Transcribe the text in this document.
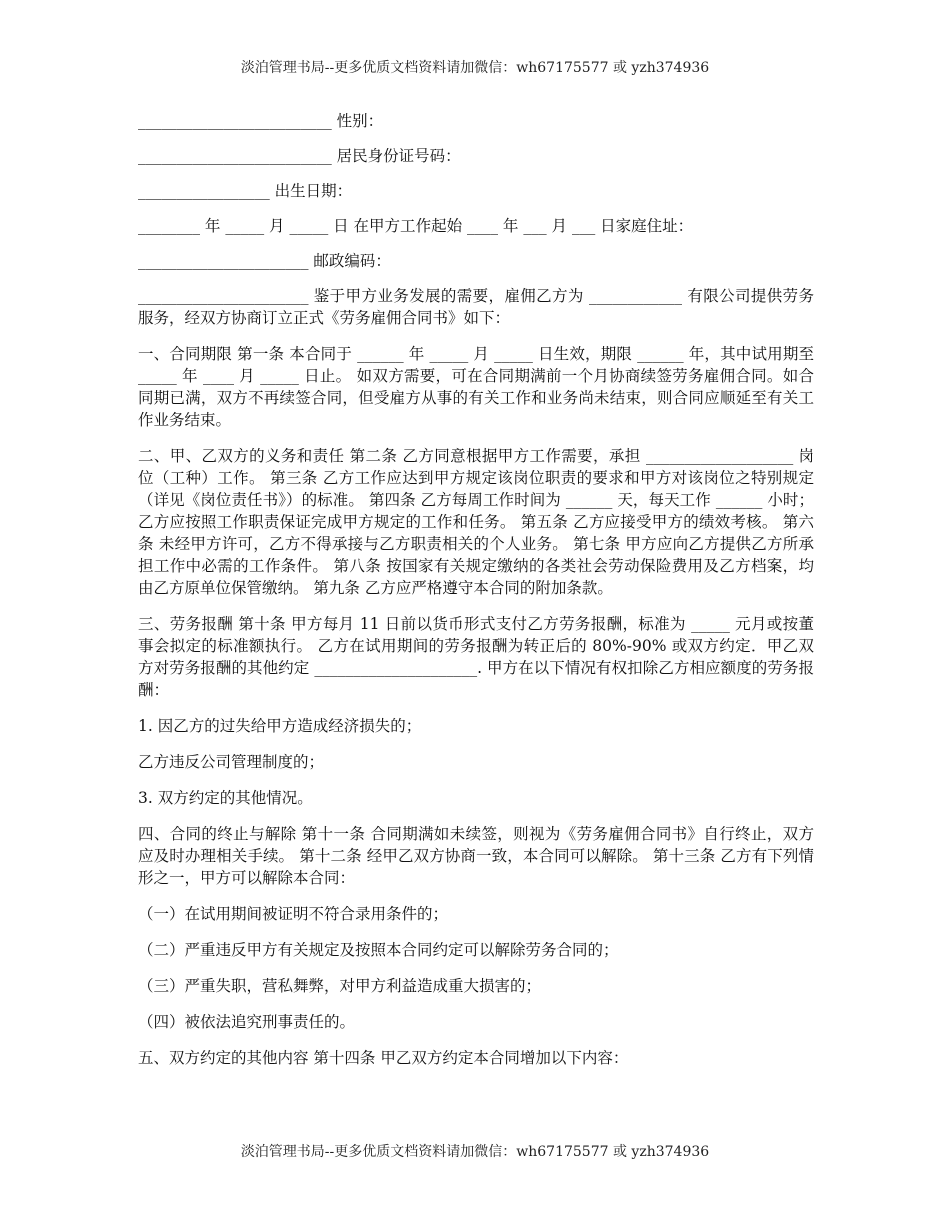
淡泊管理书局--更多优质文档资料请加微信：wh67175577 或 yzh374936
_________________________ 性别：
_________________________ 居民身份证号码：
_________________ 出生日期：
________ 年 _____ 月 _____ 日 在甲方工作起始 ____ 年 ___ 月 ___ 日家庭住址：
______________________ 邮政编码：

______________________ 鉴于甲方业务发展的需要，雇佣乙方为 ____________ 有限公司提供劳务服务，经双方协商订立正式《劳务雇佣合同书》如下：

一、合同期限 第一条 本合同于 ______ 年 _____ 月 _____ 日生效，期限 ______ 年，其中试用期至 _____ 年 ____ 月 _____ 日止。 如双方需要，可在合同期满前一个月协商续签劳务雇佣合同。如合同期已满，双方不再续签合同，但受雇方从事的有关工作和业务尚未结束，则合同应顺延至有关工作业务结束。

二、甲、乙双方的义务和责任 第二条 乙方同意根据甲方工作需要，承担 ___________________ 岗位（工种）工作。 第三条 乙方工作应达到甲方规定该岗位职责的要求和甲方对该岗位之特别规定（详见《岗位责任书》）的标准。 第四条 乙方每周工作时间为 ______ 天，每天工作 ______ 小时；乙方应按照工作职责保证完成甲方规定的工作和任务。 第五条 乙方应接受甲方的绩效考核。 第六条 未经甲方许可，乙方不得承接与乙方职责相关的个人业务。 第七条 甲方应向乙方提供乙方所承担工作中必需的工作条件。 第八条 按国家有关规定缴纳的各类社会劳动保险费用及乙方档案，均由乙方原单位保管缴纳。 第九条 乙方应严格遵守本合同的附加条款。

三、劳务报酬 第十条 甲方每月 11 日前以货币形式支付乙方劳务报酬，标准为 _____ 元月或按董事会拟定的标准额执行。 乙方在试用期间的劳务报酬为转正后的 80%-90% 或双方约定．甲乙双方对劳务报酬的其他约定 _____________________. 甲方在以下情况有权扣除乙方相应额度的劳务报酬：

1. 因乙方的过失给甲方造成经济损失的；

乙方违反公司管理制度的；

3. 双方约定的其他情况。

四、合同的终止与解除 第十一条 合同期满如未续签，则视为《劳务雇佣合同书》自行终止，双方应及时办理相关手续。 第十二条 经甲乙双方协商一致，本合同可以解除。 第十三条 乙方有下列情形之一，甲方可以解除本合同：

（一）在试用期间被证明不符合录用条件的；

（二）严重违反甲方有关规定及按照本合同约定可以解除劳务合同的；

（三）严重失职，营私舞弊，对甲方利益造成重大损害的；

（四）被依法追究刑事责任的。

五、双方约定的其他内容 第十四条 甲乙双方约定本合同增加以下内容：

淡泊管理书局--更多优质文档资料请加微信：wh67175577 或 yzh374936
